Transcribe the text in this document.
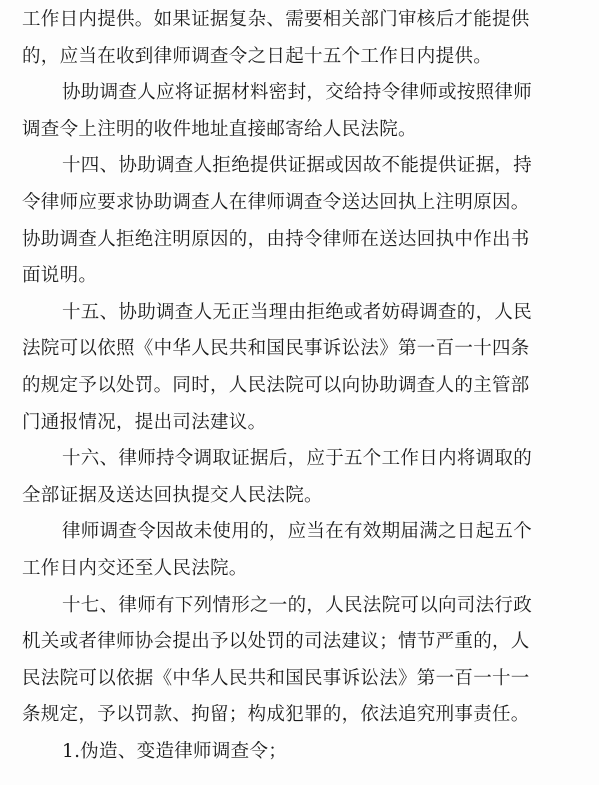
工作日内提供。如果证据复杂、需要相关部门审核后才能提供
的，应当在收到律师调查令之日起十五个工作日内提供。
协助调查人应将证据材料密封，交给持令律师或按照律师
调查令上注明的收件地址直接邮寄给人民法院。
十四、协助调查人拒绝提供证据或因故不能提供证据，持
令律师应要求协助调查人在律师调查令送达回执上注明原因。
协助调查人拒绝注明原因的，由持令律师在送达回执中作出书
面说明。
十五、协助调查人无正当理由拒绝或者妨碍调查的，人民
法院可以依照《中华人民共和国民事诉讼法》第一百一十四条
的规定予以处罚。同时，人民法院可以向协助调查人的主管部
门通报情况，提出司法建议。
十六、律师持令调取证据后，应于五个工作日内将调取的
全部证据及送达回执提交人民法院。
律师调查令因故未使用的，应当在有效期届满之日起五个
工作日内交还至人民法院。
十七、律师有下列情形之一的，人民法院可以向司法行政
机关或者律师协会提出予以处罚的司法建议；情节严重的，人
民法院可以依据《中华人民共和国民事诉讼法》第一百一十一
条规定，予以罚款、拘留；构成犯罪的，依法追究刑事责任。
1.伪造、变造律师调查令；
